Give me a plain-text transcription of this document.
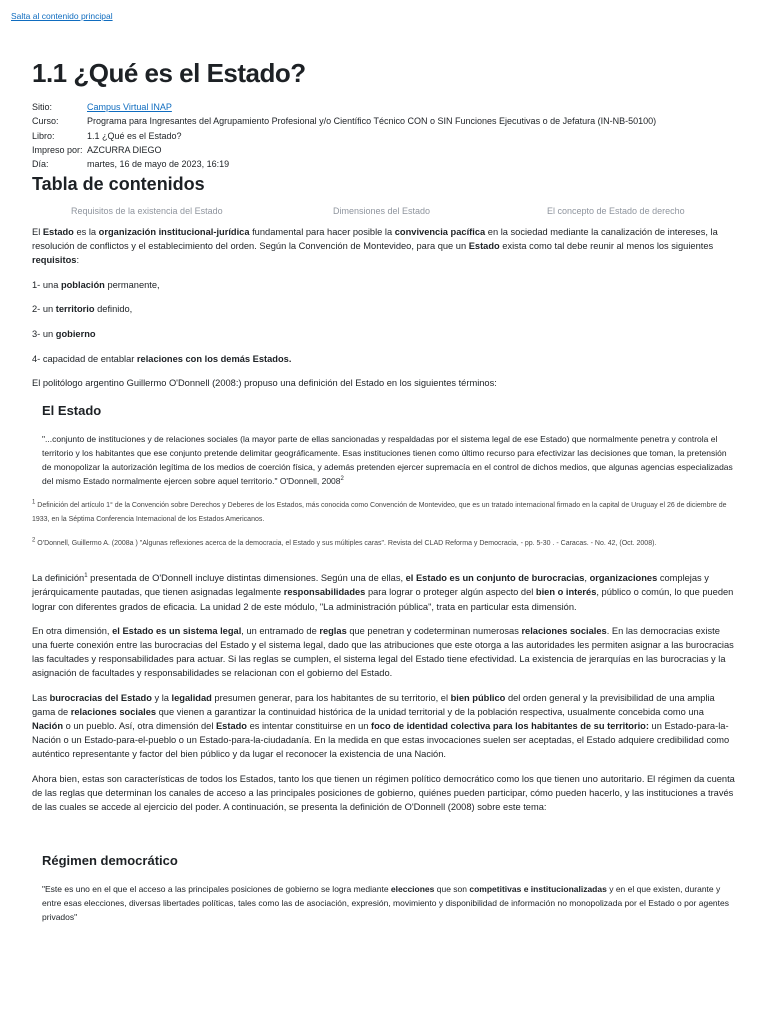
Salta al contenido principal
1.1 ¿Qué es el Estado?
Sitio:	Campus Virtual INAP
Curso:	Programa para Ingresantes del Agrupamiento Profesional y/o Científico Técnico CON o SIN Funciones Ejecutivas o de Jefatura (IN-NB-50100)
Libro:	1.1 ¿Qué es el Estado?
Impreso por: AZCURRA DIEGO
Día:	martes, 16 de mayo de 2023, 16:19
Tabla de contenidos
Requisitos de la existencia del Estado	Dimensiones del Estado	El concepto de Estado de derecho

El Estado es la organización institucional-jurídica fundamental para hacer posible la convivencia pacífica en la sociedad mediante la canalización de intereses, la resolución de conflictos y el establecimiento del orden. Según la Convención de Montevideo, para que un Estado exista como tal debe reunir al menos los siguientes requisitos:

1- una población permanente,

2- un territorio definido,

3- un gobierno

4- capacidad de entablar relaciones con los demás Estados.

El politólogo argentino Guillermo O'Donnell (2008:) propuso una definición del Estado en los siguientes términos:

El Estado

"...conjunto de instituciones y de relaciones sociales (la mayor parte de ellas sancionadas y respaldadas por el sistema legal de ese Estado) que normalmente penetra y controla el territorio y los habitantes que ese conjunto pretende delimitar geográficamente. Esas instituciones tienen como último recurso para efectivizar las decisiones que toman, la pretensión de monopolizar la autorización legítima de los medios de coerción física, y además pretenden ejercer supremacía en el control de dichos medios, que algunas agencias especializadas del mismo Estado normalmente ejercen sobre aquel territorio." O'Donnell, 2008$^2$

$^1$ Definición del artículo 1° de la Convención sobre Derechos y Deberes de los Estados, más conocida como Convención de Montevideo, que es un tratado internacional firmado en la capital de Uruguay el 26 de diciembre de 1933, en la Séptima Conferencia Internacional de los Estados Americanos.

$^2$ O'Donnell, Guillermo A. (2008a ) "Algunas reflexiones acerca de la democracia, el Estado y sus múltiples caras". Revista del CLAD Reforma y Democracia, - pp. 5-30 . - Caracas. - No. 42, (Oct. 2008).

La definición$^1$ presentada de O'Donnell incluye distintas dimensiones. Según una de ellas, el Estado es un conjunto de burocracias, organizaciones complejas y jerárquicamente pautadas, que tienen asignadas legalmente responsabilidades para lograr o proteger algún aspecto del bien o interés, público o común, lo que pueden lograr con diferentes grados de eficacia. La unidad 2 de este módulo, "La administración pública", trata en particular esta dimensión.

En otra dimensión, el Estado es un sistema legal, un entramado de reglas que penetran y codeterminan numerosas relaciones sociales. En las democracias existe una fuerte conexión entre las burocracias del Estado y el sistema legal, dado que las atribuciones que este otorga a las autoridades les permiten asignar a las burocracias las facultades y responsabilidades para actuar. Si las reglas se cumplen, el sistema legal del Estado tiene efectividad. La existencia de jerarquías en las burocracias y la asignación de facultades y responsabilidades se relacionan con el gobierno del Estado.

Las burocracias del Estado y la legalidad presumen generar, para los habitantes de su territorio, el bien público del orden general y la previsibilidad de una amplia gama de relaciones sociales que vienen a garantizar la continuidad histórica de la unidad territorial y de la población respectiva, usualmente concebida como una Nación o un pueblo. Así, otra dimensión del Estado es intentar constituirse en un foco de identidad colectiva para los habitantes de su territorio: un Estado-para-la-Nación o un Estado-para-el-pueblo o un Estado-para-la-ciudadanía. En la medida en que estas invocaciones suelen ser aceptadas, el Estado adquiere credibilidad como auténtico representante y factor del bien público y da lugar el reconocer la existencia de una Nación.

Ahora bien, estas son características de todos los Estados, tanto los que tienen un régimen político democrático como los que tienen uno autoritario. El régimen da cuenta de las reglas que determinan los canales de acceso a las principales posiciones de gobierno, quiénes pueden participar, cómo pueden hacerlo, y las instituciones a través de las cuales se accede al ejercicio del poder. A continuación, se presenta la definición de O'Donnell (2008) sobre este tema:

Régimen democrático

"Este es uno en el que el acceso a las principales posiciones de gobierno se logra mediante elecciones que son competitivas e institucionalizadas y en el que existen, durante y entre esas elecciones, diversas libertades políticas, tales como las de asociación, expresión, movimiento y disponibilidad de información no monopolizada por el Estado o por agentes privados"
